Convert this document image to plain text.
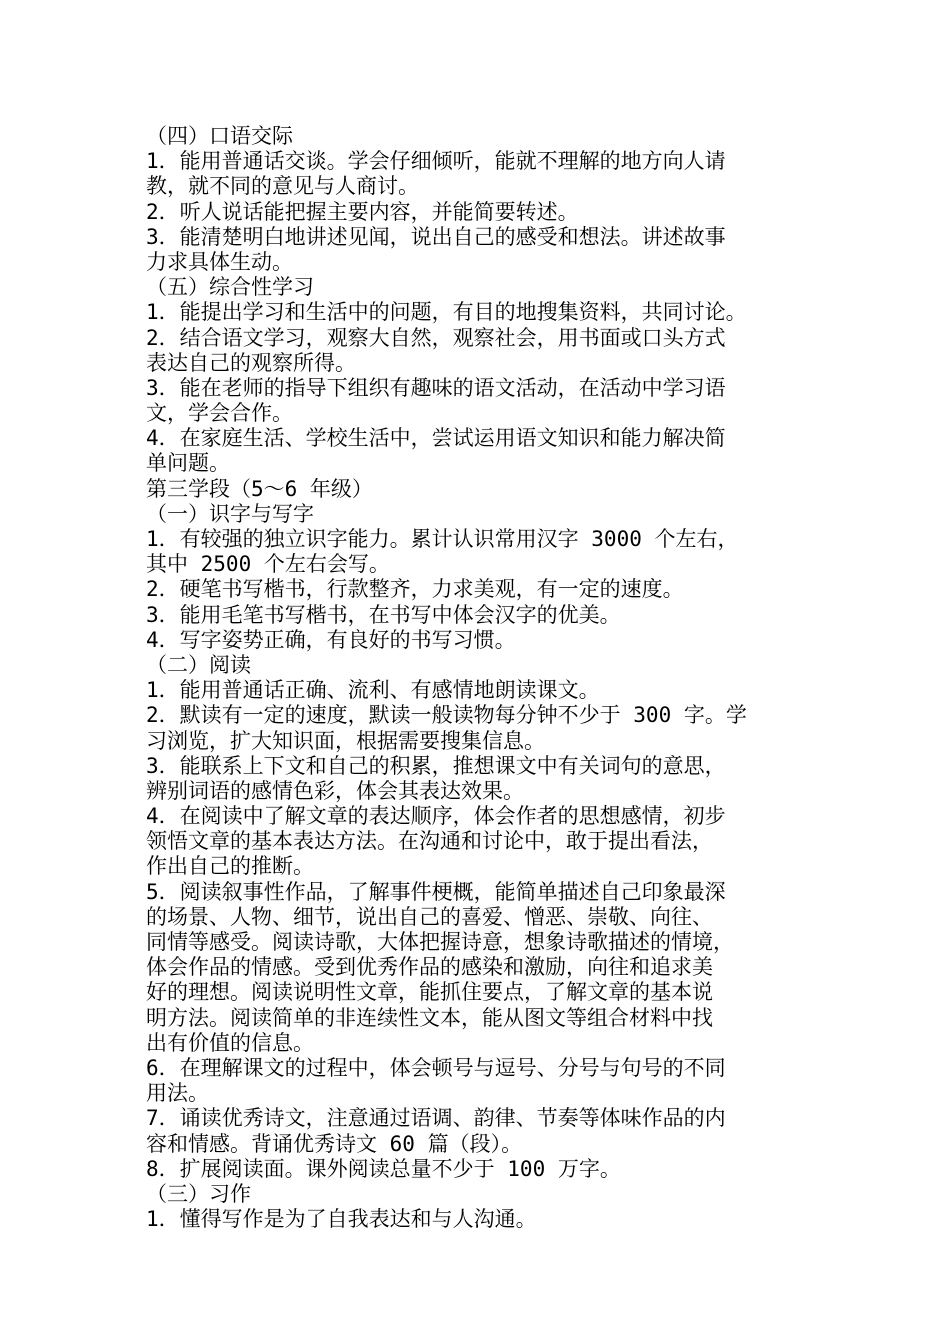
（四）口语交际
1．能用普通话交谈。学会仔细倾听，能就不理解的地方向人请
教，就不同的意见与人商讨。
2．听人说话能把握主要内容，并能简要转述。
3．能清楚明白地讲述见闻，说出自己的感受和想法。讲述故事
力求具体生动。
（五）综合性学习
1．能提出学习和生活中的问题，有目的地搜集资料，共同讨论。
2．结合语文学习，观察大自然，观察社会，用书面或口头方式
表达自己的观察所得。
3．能在老师的指导下组织有趣味的语文活动，在活动中学习语
文，学会合作。
4．在家庭生活、学校生活中，尝试运用语文知识和能力解决简
单问题。
第三学段（5～6 年级）
（一）识字与写字
1．有较强的独立识字能力。累计认识常用汉字 3000 个左右，
其中 2500 个左右会写。
2．硬笔书写楷书，行款整齐，力求美观，有一定的速度。
3．能用毛笔书写楷书，在书写中体会汉字的优美。
4．写字姿势正确，有良好的书写习惯。
（二）阅读
1．能用普通话正确、流利、有感情地朗读课文。
2．默读有一定的速度，默读一般读物每分钟不少于 300 字。学
习浏览，扩大知识面，根据需要搜集信息。
3．能联系上下文和自己的积累，推想课文中有关词句的意思，
辨别词语的感情色彩，体会其表达效果。
4．在阅读中了解文章的表达顺序，体会作者的思想感情，初步
领悟文章的基本表达方法。在沟通和讨论中，敢于提出看法，
作出自己的推断。
5．阅读叙事性作品，了解事件梗概，能简单描述自己印象最深
的场景、人物、细节，说出自己的喜爱、憎恶、崇敬、向往、
同情等感受。阅读诗歌，大体把握诗意，想象诗歌描述的情境，
体会作品的情感。受到优秀作品的感染和激励，向往和追求美
好的理想。阅读说明性文章，能抓住要点，了解文章的基本说
明方法。阅读简单的非连续性文本，能从图文等组合材料中找
出有价值的信息。
6．在理解课文的过程中，体会顿号与逗号、分号与句号的不同
用法。
7．诵读优秀诗文，注意通过语调、韵律、节奏等体味作品的内
容和情感。背诵优秀诗文 60 篇（段）。
8．扩展阅读面。课外阅读总量不少于 100 万字。
（三）习作
1．懂得写作是为了自我表达和与人沟通。
